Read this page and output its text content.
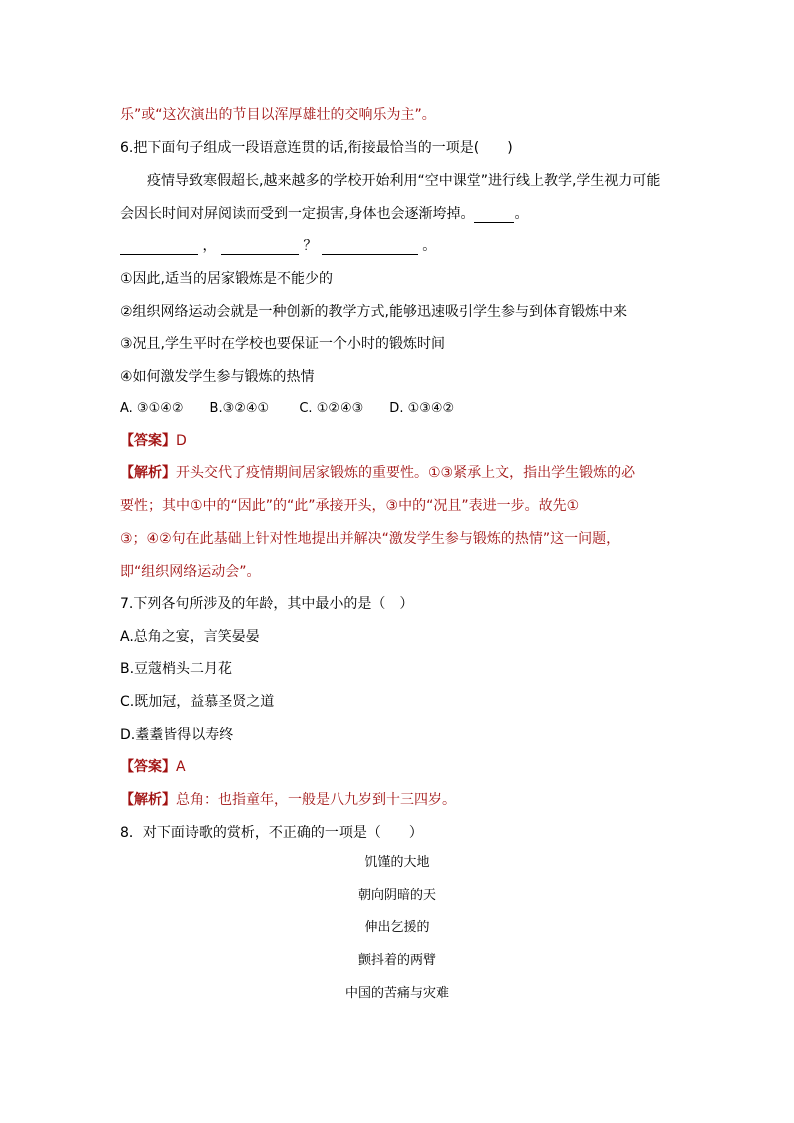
乐”或“这次演出的节目以浑厚雄壮的交响乐为主”。
6.把下面句子组成一段语意连贯的话,衔接最恰当的一项是(　　)
疫情导致寒假超长,越来越多的学校开始利用“空中课堂”进行线上教学,学生视力可能
会因长时间对屏阅读而受到一定损害,身体也会逐渐垮掉。	。
，	？	。
①因此,适当的居家锻炼是不能少的
②组织网络运动会就是一种创新的教学方式,能够迅速吸引学生参与到体育锻炼中来
③况且,学生平时在学校也要保证一个小时的锻炼时间
④如何激发学生参与锻炼的热情
A. ③①④②　　B.③②④①　　 C. ①②④③　　D. ①③④②
【答案】D
【解析】开头交代了疫情期间居家锻炼的重要性。①③紧承上文，指出学生锻炼的必
要性；其中①中的“因此”的“此”承接开头，③中的“况且”表进一步。故先①
③；④②句在此基础上针对性地提出并解决“激发学生参与锻炼的热情”这一问题，
即“组织网络运动会”。
7.下列各句所涉及的年龄，其中最小的是（　）
A.总角之宴，言笑晏晏
B.豆蔻梢头二月花
C.既加冠，益慕圣贤之道
D.耋耋皆得以寿终
【答案】A
【解析】总角：也指童年，一般是八九岁到十三四岁。
8．对下面诗歌的赏析，不正确的一项是（　　）
饥馑的大地
朝向阴暗的天
伸出乞援的
颤抖着的两臂
中国的苦痛与灾难
